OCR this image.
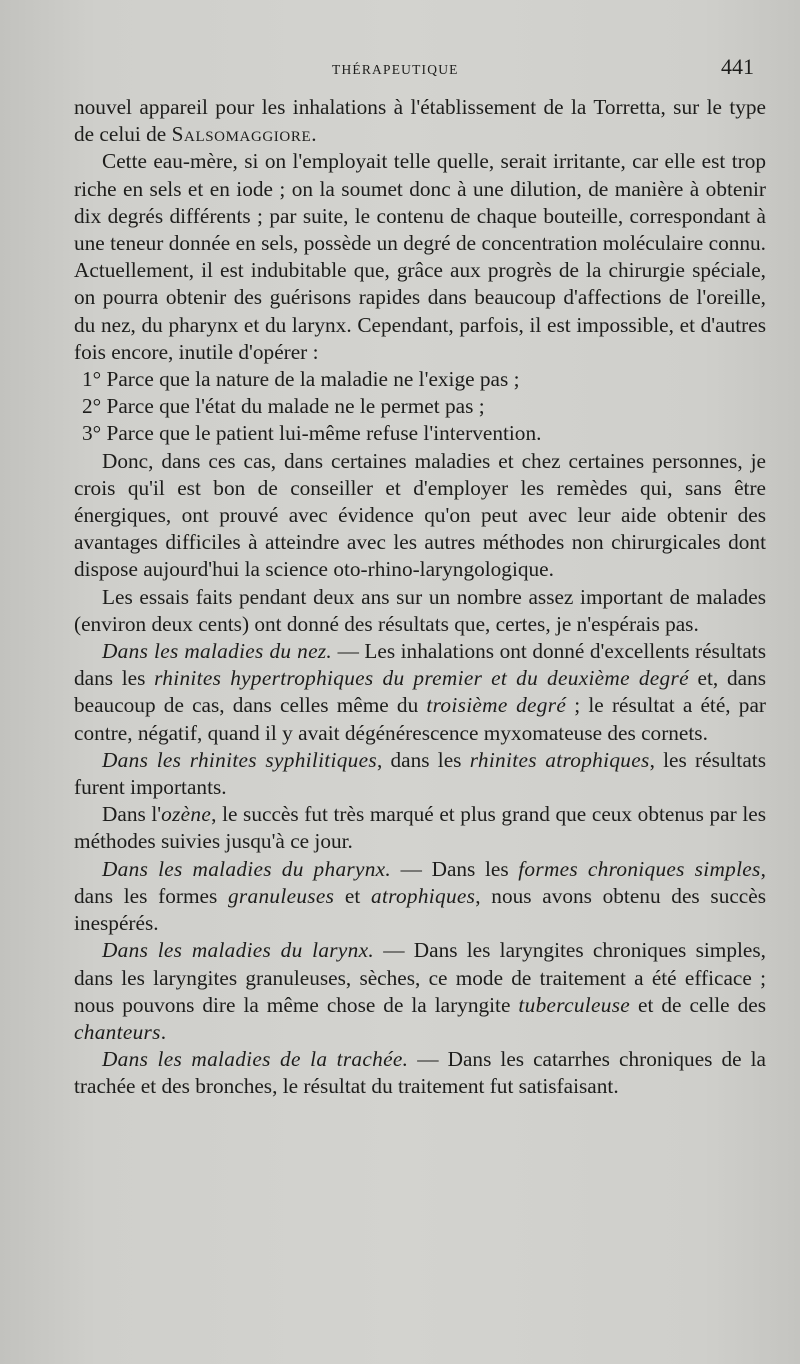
THÉRAPEUTIQUE	441

nouvel appareil pour les inhalations à l'établissement de la Torretta, sur le type de celui de Salsomaggiore.

Cette eau-mère, si on l'employait telle quelle, serait irritante, car elle est trop riche en sels et en iode ; on la soumet donc à une dilution, de manière à obtenir dix degrés différents ; par suite, le contenu de chaque bouteille, correspondant à une teneur donnée en sels, possède un degré de concentration moléculaire connu. Actuellement, il est indubitable que, grâce aux progrès de la chirurgie spéciale, on pourra obtenir des guérisons rapides dans beaucoup d'affections de l'oreille, du nez, du pharynx et du larynx. Cependant, parfois, il est impossible, et d'autres fois encore, inutile d'opérer :

1° Parce que la nature de la maladie ne l'exige pas ;

2° Parce que l'état du malade ne le permet pas ;

3° Parce que le patient lui-même refuse l'intervention.

Donc, dans ces cas, dans certaines maladies et chez certaines personnes, je crois qu'il est bon de conseiller et d'employer les remèdes qui, sans être énergiques, ont prouvé avec évidence qu'on peut avec leur aide obtenir des avantages difficiles à atteindre avec les autres méthodes non chirurgicales dont dispose aujourd'hui la science oto-rhino-laryngologique.

Les essais faits pendant deux ans sur un nombre assez important de malades (environ deux cents) ont donné des résultats que, certes, je n'espérais pas.

Dans les maladies du nez. — Les inhalations ont donné d'excellents résultats dans les rhinites hypertrophiques du premier et du deuxième degré et, dans beaucoup de cas, dans celles même du troisième degré ; le résultat a été, par contre, négatif, quand il y avait dégénérescence myxomateuse des cornets.

Dans les rhinites syphilitiques, dans les rhinites atrophiques, les résultats furent importants.

Dans l'ozène, le succès fut très marqué et plus grand que ceux obtenus par les méthodes suivies jusqu'à ce jour.

Dans les maladies du pharynx. — Dans les formes chroniques simples, dans les formes granuleuses et atrophiques, nous avons obtenu des succès inespérés.

Dans les maladies du larynx. — Dans les laryngites chroniques simples, dans les laryngites granuleuses, sèches, ce mode de traitement a été efficace ; nous pouvons dire la même chose de la laryngite tuberculeuse et de celle des chanteurs.

Dans les maladies de la trachée. — Dans les catarrhes chroniques de la trachée et des bronches, le résultat du traitement fut satisfaisant.
